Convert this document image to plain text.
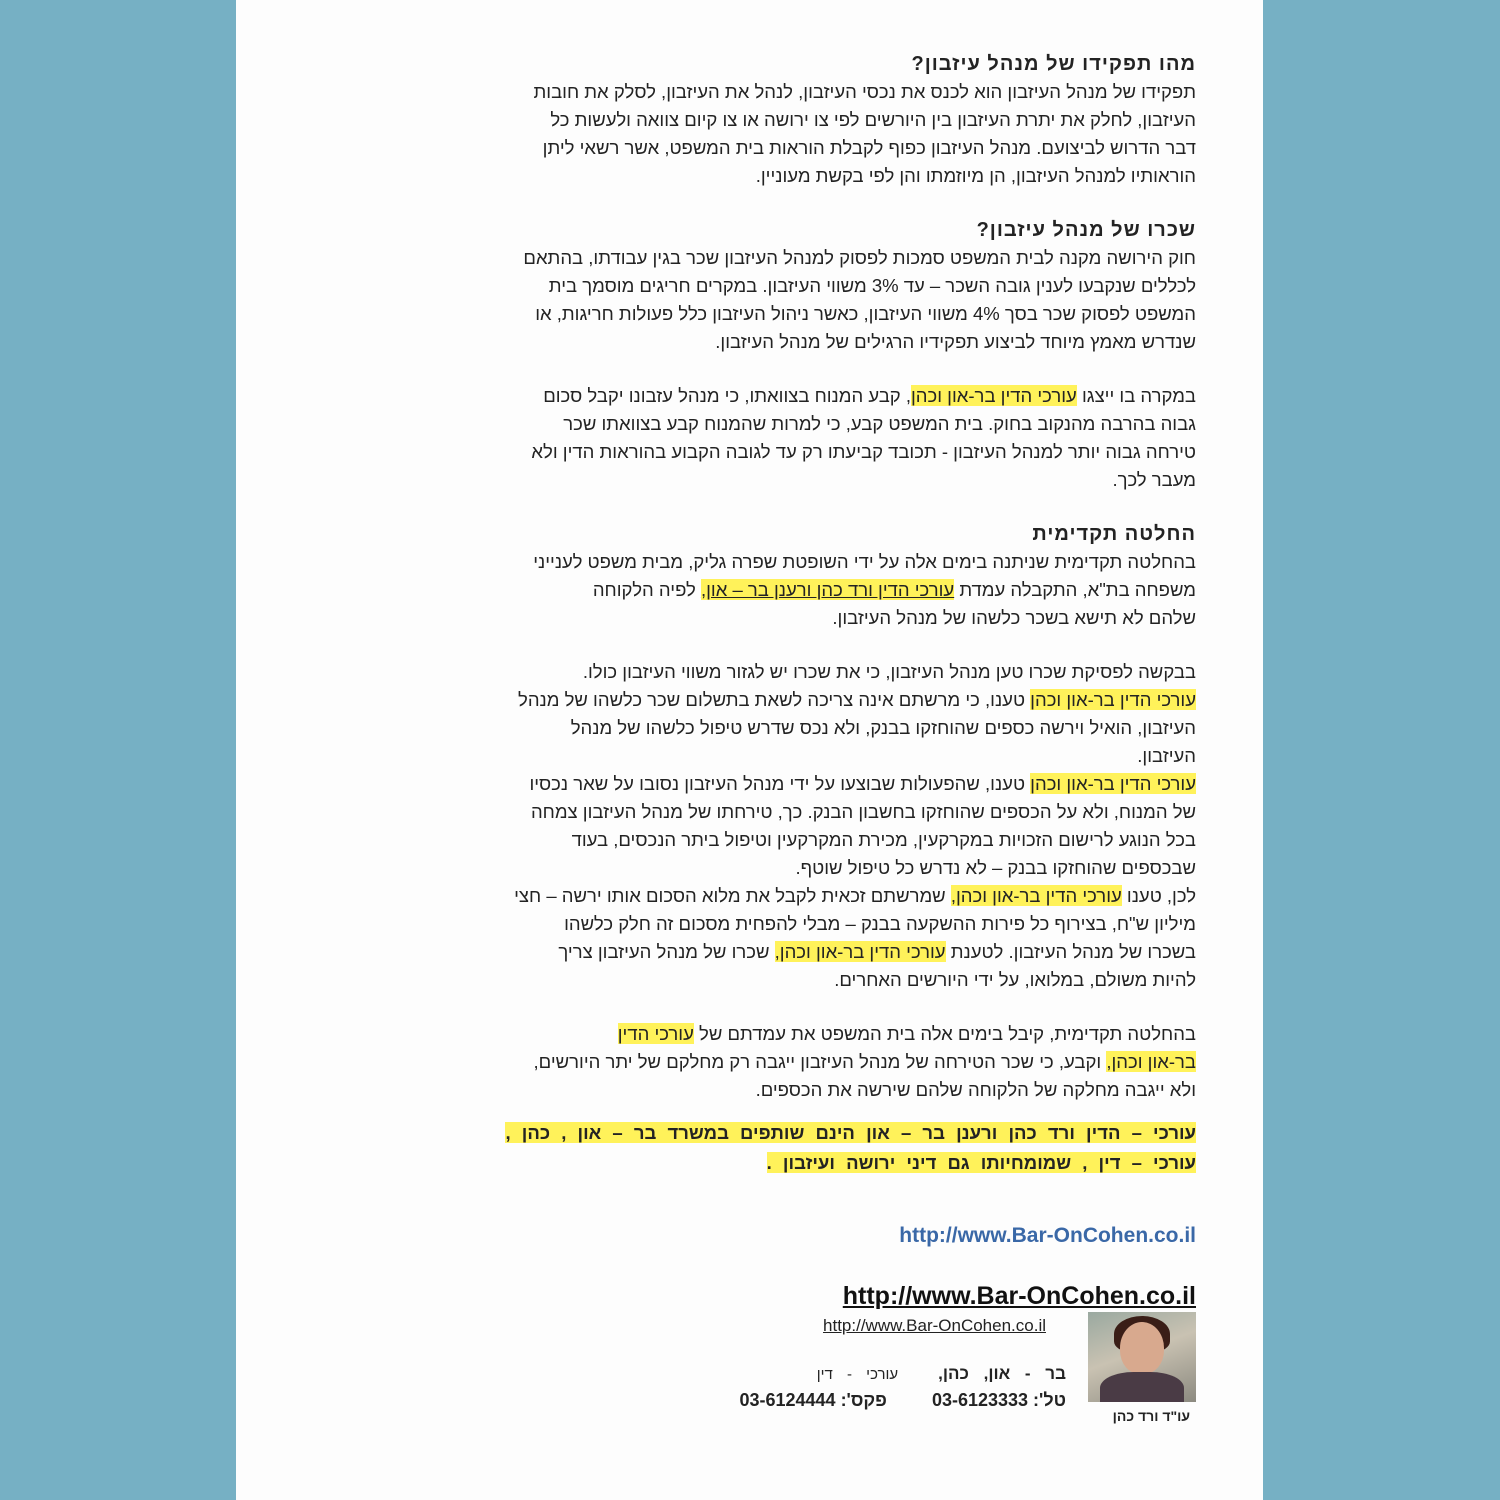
מהו תפקידו של מנהל עיזבון?

תפקידו של מנהל העיזבון הוא לכנס את נכסי העיזבון, לנהל את העיזבון, לסלק את חובות

העיזבון, לחלק את יתרת העיזבון בין היורשים לפי צו ירושה או צו קיום צוואה ולעשות כל

דבר הדרוש לביצועם. מנהל העיזבון כפוף לקבלת הוראות בית המשפט, אשר רשאי ליתן

הוראותיו למנהל העיזבון, הן מיוזמתו והן לפי בקשת מעוניין.

שכרו של מנהל עיזבון?

חוק הירושה מקנה לבית המשפט סמכות לפסוק למנהל העיזבון שכר בגין עבודתו, בהתאם

לכללים שנקבעו לענין גובה השכר – עד 3% משווי העיזבון. במקרים חריגים מוסמך בית

המשפט לפסוק שכר בסך 4% משווי העיזבון, כאשר ניהול העיזבון כלל פעולות חריגות, או

שנדרש מאמץ מיוחד לביצוע תפקידיו הרגילים של מנהל העיזבון.

במקרה בו ייצגו עורכי הדין בר-און וכהן, קבע המנוח בצוואתו, כי מנהל עזבונו יקבל סכום

גבוה בהרבה מהנקוב בחוק. בית המשפט קבע, כי למרות שהמנוח קבע בצוואתו שכר

טירחה גבוה יותר למנהל העיזבון - תכובד קביעתו רק עד לגובה הקבוע בהוראות הדין ולא

מעבר לכך.

החלטה תקדימית

בהחלטה תקדימית שניתנה בימים אלה על ידי השופטת שפרה גליק, מבית משפט לענייני

משפחה בת"א, התקבלה עמדת עורכי הדין ורד כהן ורענן בר – און, לפיה הלקוחה

שלהם לא תישא בשכר כלשהו של מנהל העיזבון.

בבקשה לפסיקת שכרו טען מנהל העיזבון, כי את שכרו יש לגזור משווי העיזבון כולו.

עורכי הדין בר-און וכהן טענו, כי מרשתם אינה צריכה לשאת בתשלום שכר כלשהו של מנהל

העיזבון, הואיל וירשה כספים שהוחזקו בבנק, ולא נכס שדרש טיפול כלשהו של מנהל

העיזבון.

עורכי הדין בר-און וכהן טענו, שהפעולות שבוצעו על ידי מנהל העיזבון נסובו על שאר נכסיו

של המנוח, ולא על הכספים שהוחזקו בחשבון הבנק. כך, טירחתו של מנהל העיזבון צמחה

בכל הנוגע לרישום הזכויות במקרקעין, מכירת המקרקעין וטיפול ביתר הנכסים, בעוד

שבכספים שהוחזקו בבנק – לא נדרש כל טיפול שוטף.

לכן, טענו עורכי הדין בר-און וכהן, שמרשתם זכאית לקבל את מלוא הסכום אותו ירשה – חצי

מיליון ש"ח, בצירוף כל פירות ההשקעה בבנק – מבלי להפחית מסכום זה חלק כלשהו

בשכרו של מנהל העיזבון. לטענת עורכי הדין בר-און וכהן, שכרו של מנהל העיזבון צריך

להיות משולם, במלואו, על ידי היורשים האחרים.

בהחלטה תקדימית, קיבל בימים אלה בית המשפט את עמדתם של עורכי הדין

בר-און וכהן, וקבע, כי שכר הטירחה של מנהל העיזבון ייגבה רק מחלקם של יתר היורשים,

ולא ייגבה מחלקה של הלקוחה שלהם שירשה את הכספים.

עורכי – הדין ורד כהן ורענן בר – און הינם שותפים במשרד בר – און , כהן ,
עורכי – דין , שמומחיותו גם דיני ירושה ועיזבון .
http://www.Bar-OnCohen.co.il
http://www.Bar-OnCohen.co.il
http://www.Bar-OnCohen.co.il
עו"ד ורד כהן
בר - און, כהן,עורכי - דין
טל': 03-6123333 פקס': 03-6124444
